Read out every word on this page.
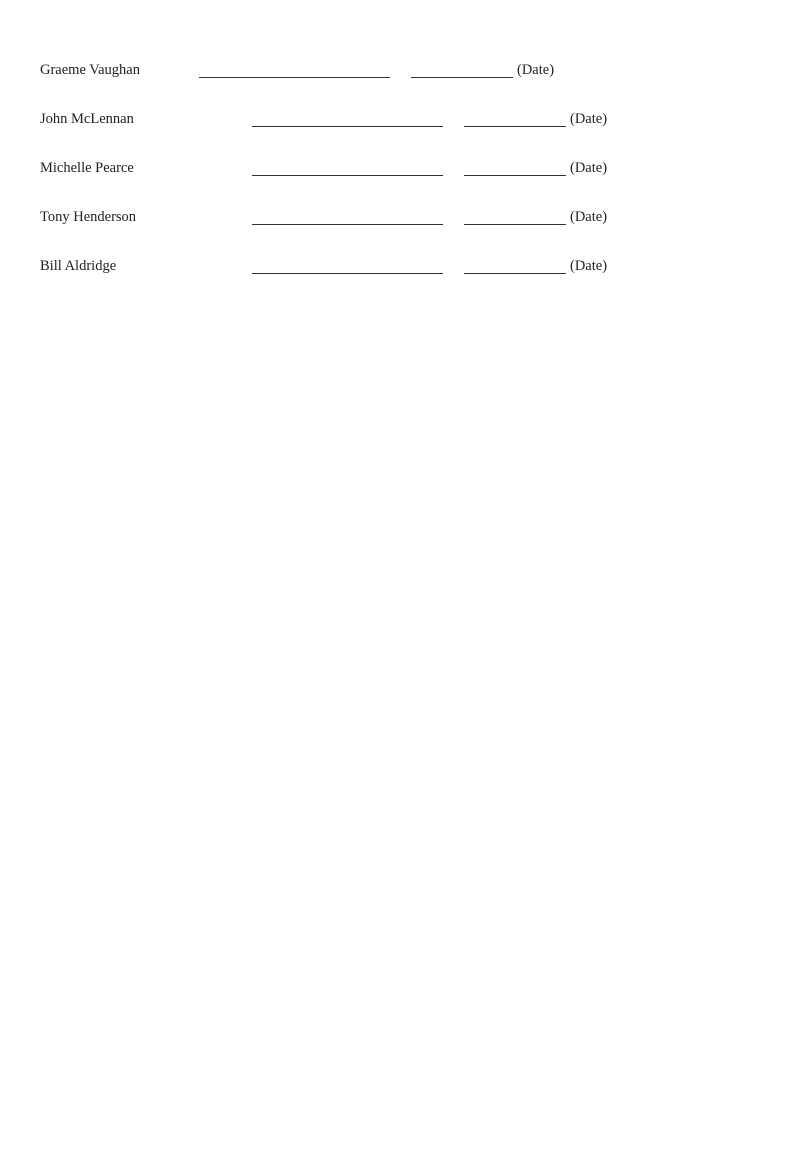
Graeme Vaughan	(Date)
John McLennan	(Date)
Michelle Pearce	(Date)
Tony Henderson	(Date)
Bill Aldridge	(Date)
